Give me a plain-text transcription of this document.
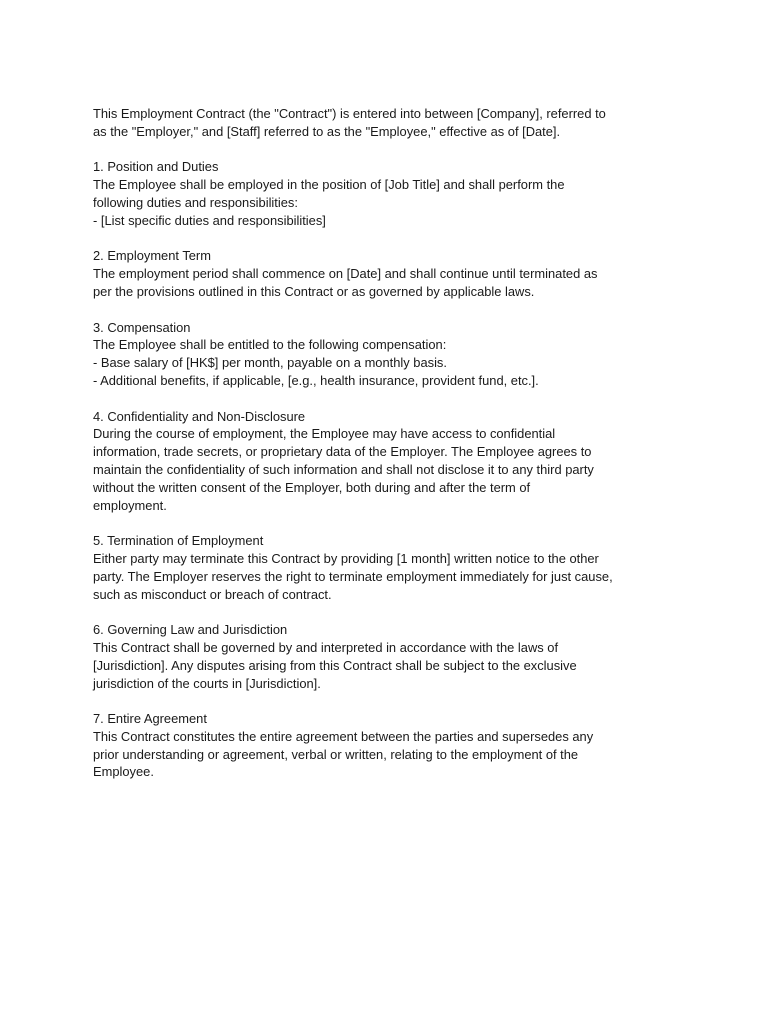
This Employment Contract (the "Contract") is entered into between [Company], referred to
as the "Employer," and [Staff] referred to as the "Employee," effective as of [Date].
1. Position and Duties
The Employee shall be employed in the position of [Job Title] and shall perform the
following duties and responsibilities:
- [List specific duties and responsibilities]
2. Employment Term
The employment period shall commence on [Date] and shall continue until terminated as
per the provisions outlined in this Contract or as governed by applicable laws.
3. Compensation
The Employee shall be entitled to the following compensation:
- Base salary of [HK$] per month, payable on a monthly basis.
- Additional benefits, if applicable, [e.g., health insurance, provident fund, etc.].
4. Confidentiality and Non-Disclosure
During the course of employment, the Employee may have access to confidential
information, trade secrets, or proprietary data of the Employer. The Employee agrees to
maintain the confidentiality of such information and shall not disclose it to any third party
without the written consent of the Employer, both during and after the term of
employment.
5. Termination of Employment
Either party may terminate this Contract by providing [1 month] written notice to the other
party. The Employer reserves the right to terminate employment immediately for just cause,
such as misconduct or breach of contract.
6. Governing Law and Jurisdiction
This Contract shall be governed by and interpreted in accordance with the laws of
[Jurisdiction]. Any disputes arising from this Contract shall be subject to the exclusive
jurisdiction of the courts in [Jurisdiction].
7. Entire Agreement
This Contract constitutes the entire agreement between the parties and supersedes any
prior understanding or agreement, verbal or written, relating to the employment of the
Employee.
